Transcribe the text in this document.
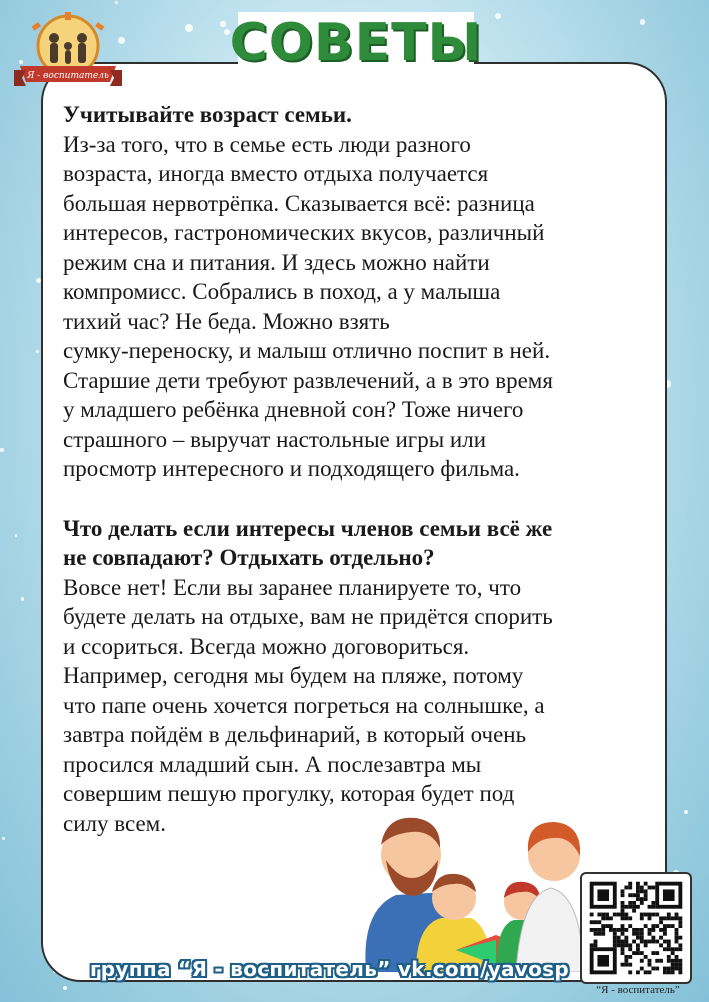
СОВЕТЫ
Я - воспитатель

Учитывайте возраст семьи.

Из-за того, что в семье есть люди разного

возраста, иногда вместо отдыха получается

большая нервотрёпка. Сказывается всё: разница

интересов, гастрономических вкусов, различный

режим сна и питания. И здесь можно найти

компромисс. Собрались в поход, а у малыша

тихий час? Не беда. Можно взять

сумку-переноску, и малыш отлично поспит в ней.

Старшие дети требуют развлечений, а в это время

у младшего ребёнка дневной сон? Тоже ничего

страшного – выручат настольные игры или

просмотр интересного и подходящего фильма.

Что делать если интересы членов семьи всё же

не совпадают? Отдыхать отдельно?

Вовсе нет! Если вы заранее планируете то, что

будете делать на отдыхе, вам не придётся спорить

и ссориться. Всегда можно договориться.

Например, сегодня мы будем на пляже, потому

что папе очень хочется погреться на солнышке, а

завтра пойдём в дельфинарий, в который очень

просился младший сын. А послезавтра мы

совершим пешую прогулку, которая будет под

силу всем.

“Я - воспитатель”
группа “Я - воспитатель” vk.com/yavosp
